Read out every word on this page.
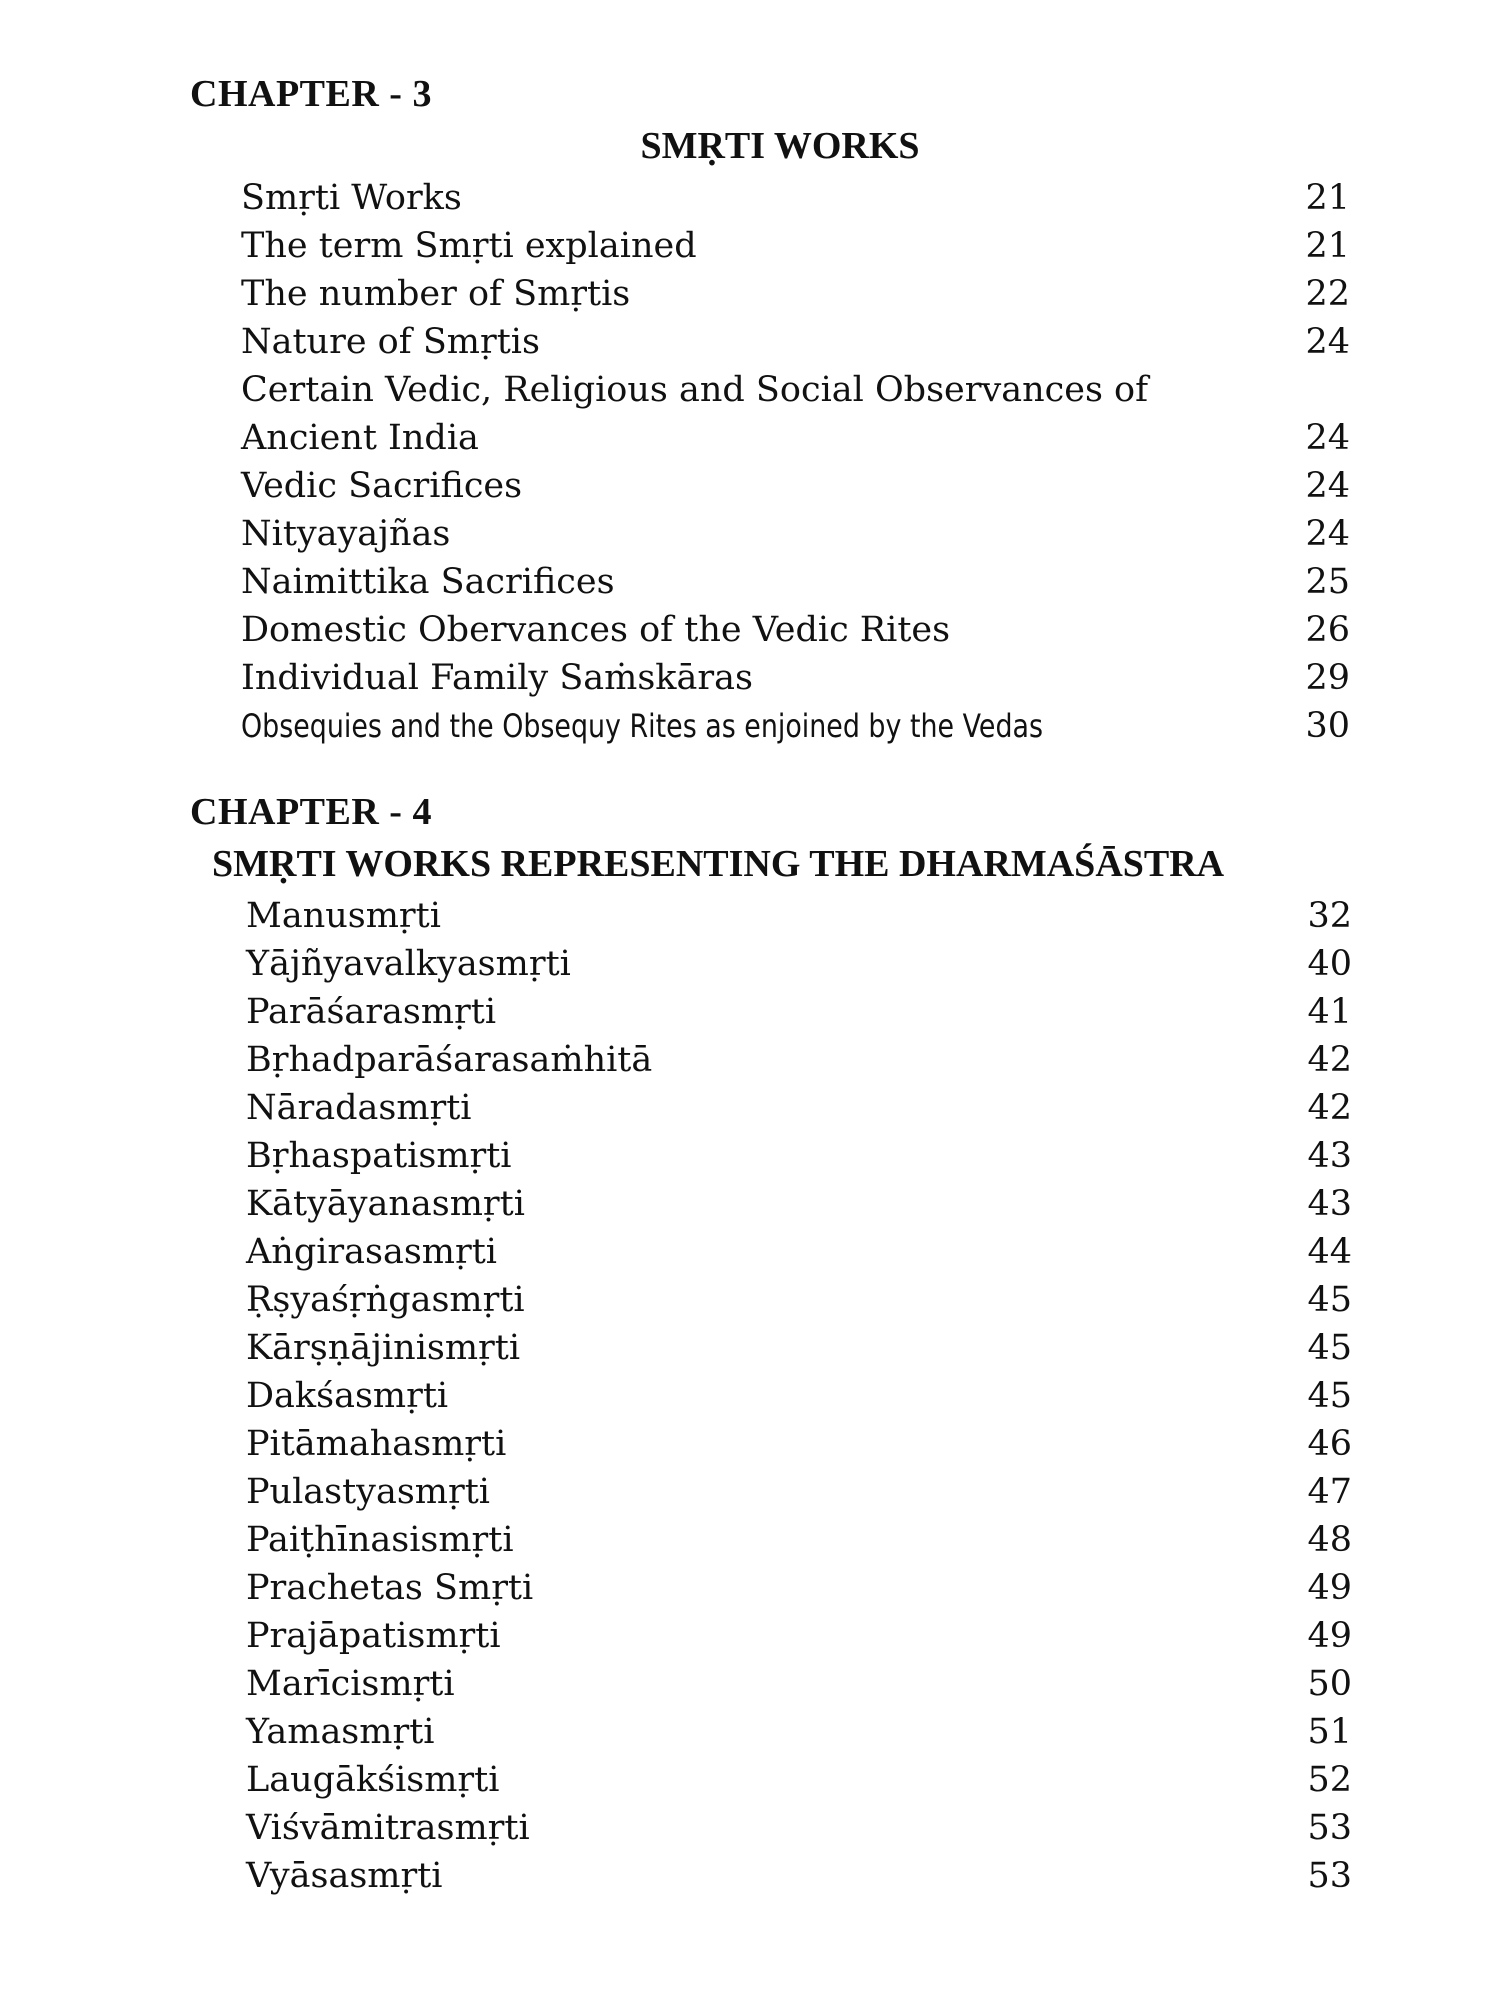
CHAPTER - 3
SMṚTI WORKS
Smṛti Works	21
The term Smṛti explained	21
The number of Smṛtis	22
Nature of Smṛtis	24
Certain Vedic, Religious and Social Observances of Ancient India	24
Vedic Sacrifices	24
Nityayajñas	24
Naimittika Sacrifices	25
Domestic Obervances of the Vedic Rites	26
Individual Family Saṁskāras	29
Obsequies and the Obsequy Rites as enjoined by the Vedas	30
CHAPTER - 4
SMṚTI WORKS REPRESENTING THE DHARMAŚĀSTRA
Manusmṛti	32
Yājñyavalkyasmṛti	40
Parāśarasmṛti	41
Bṛhadparāśarasaṁhitā	42
Nāradasmṛti	42
Bṛhaspatismṛti	43
Kātyāyanasmṛti	43
Aṅgirasasmṛti	44
Ṛṣyaśṛṅgasmṛti	45
Kārṣṇājinismṛti	45
Dakśasmṛti	45
Pitāmahasmṛti	46
Pulastyasmṛti	47
Paiṭhīnasismṛti	48
Prachetas Smṛti	49
Prajāpatismṛti	49
Marīcismṛti	50
Yamasmṛti	51
Laugākśismṛti	52
Viśvāmitrasmṛti	53
Vyāsasmṛti	53
